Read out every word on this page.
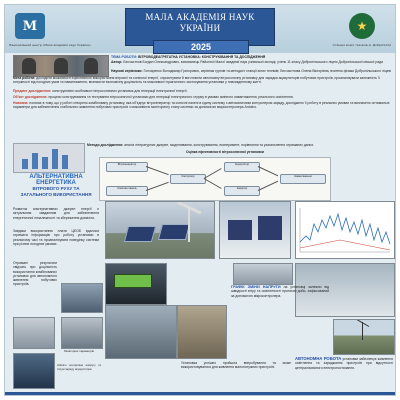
М
Національний центр «Мала академія наук України»
★
Станція юних техніків м. Добропілля
МАЛА АКАДЕМІЯ НАУК
УКРАЇНИ
2025
ТЕМА РОБОТИ: ВІТРОВОДЕАГРЕГАТНА УСТАНОВКА: КОНСТРУЮВАННЯ ТА ДОСЛІДЖЕННЯ
Автор: Бесчастнов Богдан Олександрович, вихованець Районної Малої академії наук учнівської молоді, учень 11 класу Добропільського ліцею Добропільської міської ради
Наукові керівники: Гончаренко Володимир Григорович, керівник гуртків та методист станції юних техніків; Бесчастнова Олена Вікторівна, вчитель фізики Добропільського ліцею
Мета роботи: дослідити можливості ефективного використання вітрової та сонячної енергії, спроєктувати й виготовити автономну вітросонячну установку для зарядки акумуляторів побутових пристроїв, проаналізувати залежність її потужності від погодних умов та навантаження, визначити економічну доцільність та можливості практичного застосування установки у повсякденному житті.
Предмет дослідження: конструктивні особливості вітросонячних установок для генерації електричної енергії.
Об'єкт дослідження: процеси конструювання та тестування вітросонячної установки для генерації електричного струму в умовах змінного навантаження, реального освітлення.
Новизна: полягає в тому, що у роботі створено комбіновану установку, яка об'єднує вітрогенератор та сонячні панелі в єдину систему з автоматичним контролером заряду, досліджено її роботу в реальних умовах та визначено оптимальні параметри для забезпечення стабільного живлення побутових пристроїв з можливістю моніторингу стану системи за допомогою мікроконтролера Arduino.
Методи дослідження: аналіз літературних джерел, моделювання, конструювання, експеримент, порівняння та узагальнення отриманих даних.
Оцінка ефективності вітросонячної установки
Вітрогенератор
Сонячна панель
Контролер
Акумулятор
Інвертор
Навантаження
АЛЬТЕРНАТИВНА
ЕНЕРГЕТИКА
ВІТРОВОГО РУХУ ТА
ЗАГАЛЬНОГО ВИКОРИСТАННЯ
Розвиток альтернативних джерел енергії є актуальним завданням для забезпечення енергетичної незалежності та збереження довкілля.
Завдяки використанню плати ЦЕОБ вдалося отримати інформацію про роботу установки в реальному часі та проаналізувати поведінку системи при різних погодних умовах.
Отримані результати свідчать про доцільність використання комбінованих установок для автономного живлення побутових пристроїв.
Моніторинг параметрів
Arduino контролює напругу та струм заряду акумулятора.
ГРАФІК ЗМІНИ НАПРУГИ на установці залежно від швидкості вітру та освітленості протягом доби, зафіксований за допомогою мікроконтролера.
Установка успішно пройшла випробування та може використовуватися для живлення малопотужних пристроїв.
АВТОНОМНА РОБОТА установки забезпечує живлення освітлення та заряджання пристроїв при відсутності централізованого електропостачання.
